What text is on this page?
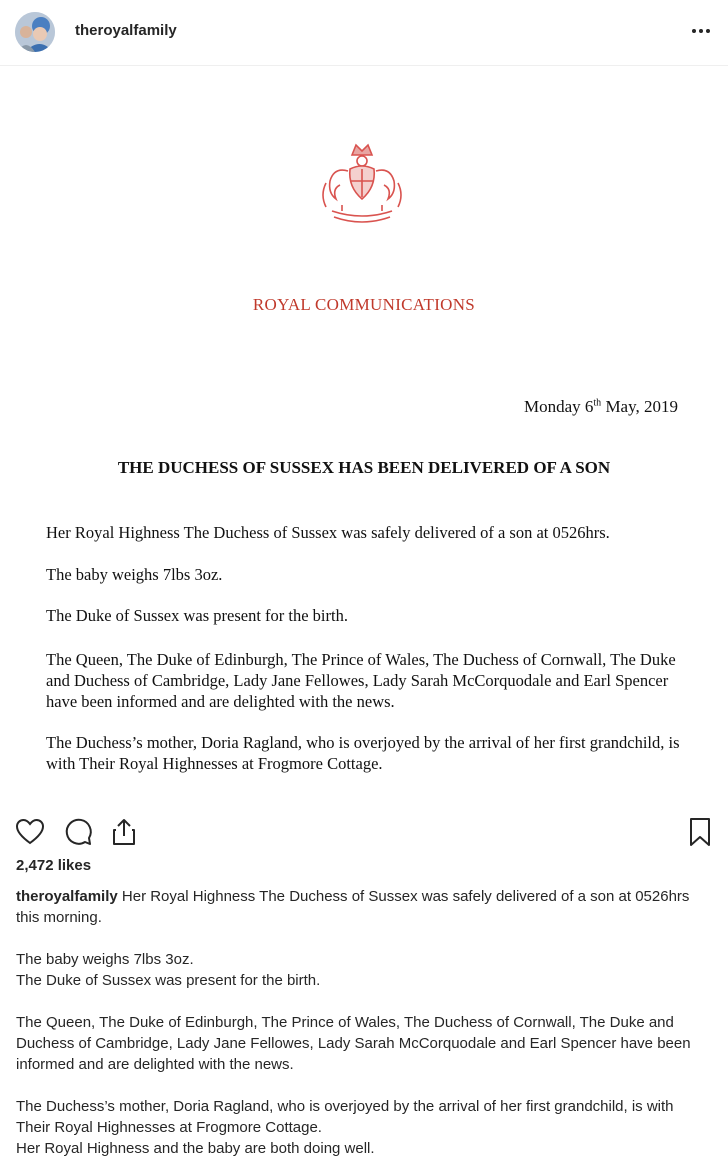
theroyalfamily
ROYAL COMMUNICATIONS
Monday 6th May, 2019
THE DUCHESS OF SUSSEX HAS BEEN DELIVERED OF A SON
Her Royal Highness The Duchess of Sussex was safely delivered of a son at 0526hrs.
The baby weighs 7lbs 3oz.
The Duke of Sussex was present for the birth.
The Queen, The Duke of Edinburgh, The Prince of Wales, The Duchess of Cornwall, The Duke and Duchess of Cambridge, Lady Jane Fellowes, Lady Sarah McCorquodale and Earl Spencer have been informed and are delighted with the news.
The Duchess’s mother, Doria Ragland, who is overjoyed by the arrival of her first grandchild, is with Their Royal Highnesses at Frogmore Cottage.
2,472 likes

theroyalfamily Her Royal Highness The Duchess of Sussex was safely delivered of a son at 0526hrs this morning.

The baby weighs 7lbs 3oz.

The Duke of Sussex was present for the birth.

The Queen, The Duke of Edinburgh, The Prince of Wales, The Duchess of Cornwall, The Duke and Duchess of Cambridge, Lady Jane Fellowes, Lady Sarah McCorquodale and Earl Spencer have been informed and are delighted with the news.

The Duchess’s mother, Doria Ragland, who is overjoyed by the arrival of her first grandchild, is with Their Royal Highnesses at Frogmore Cottage.

Her Royal Highness and the baby are both doing well.
